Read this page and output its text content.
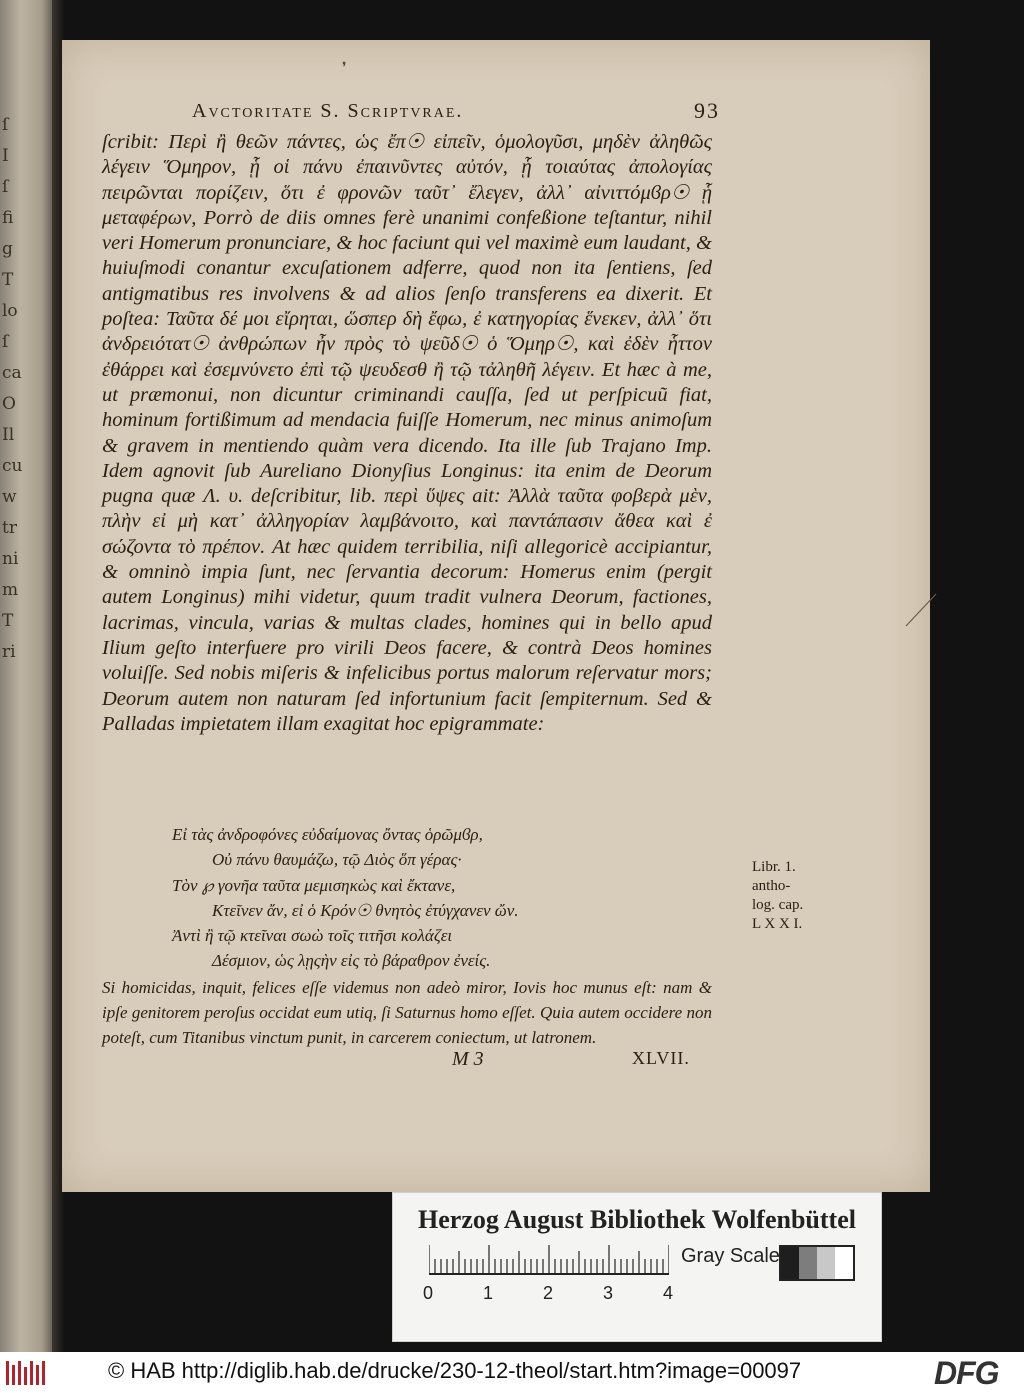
ſ
I
ſ
fi
g
T
lo
ſ
ca
O
Il
cu
w
tr
ni
m
T
ri
❜
Avctoritate S. Scriptvrae.	93
ſcribit: Περὶ ἢ θεῶν πάντες, ὡς ἔπ☉ εἰπεῖν, ὁμολογῦσι, μηδὲν ἀληθῶς λέγειν Ὅμηρον, ᾗ οἱ πάνυ ἐπαινῦντες αὐτόν, ᾗ τοιαύτας ἀπολογίας πειρῶνται πορίζειν, ὅτι ἐ φρονῶν ταῦτ᾽ ἔλεγεν, ἀλλ᾽ αἰνιττόμϐρ☉ ᾗ μεταφέρων, Porrò de diis omnes ferè unanimi confeßione teſtantur, nihil veri Homerum pronunciare, & hoc faciunt qui vel maximè eum laudant, & huiuſmodi conantur excuſationem adferre, quod non ita ſentiens, ſed antigmatibus res involvens & ad alios ſenſo transferens ea dixerit. Et poſtea: Ταῦτα δέ μοι εἴρηται, ὥσπερ δὴ ἔφω, ἐ κατηγορίας ἕνεκεν, ἀλλ᾽ ὅτι ἀνδρειότατ☉ ἀνθρώπων ἦν πρὸς τὸ ψεῦδ☉ ὁ Ὅμηρ☉, καὶ ἐδὲν ἧττον ἐθάρρει καὶ ἐσεμνύνετο ἐπὶ τῷ ψευδεσθ ἢ τῷ τἀληθῆ λέγειν. Et hæc à me, ut præmonui, non dicuntur criminandi cauſſa, ſed ut perſpicuũ fiat, hominum fortißimum ad mendacia fuiſſe Homerum, nec minus animoſum & gravem in mentiendo quàm vera dicendo. Ita ille ſub Trajano Imp. Idem agnovit ſub Aureliano Dionyſius Longinus: ita enim de Deorum pugna quæ Λ. υ. deſcribitur, lib. περὶ ὕψες ait: Ἀλλὰ ταῦτα φοβερὰ μὲν, πλὴν εἰ μὴ κατ᾽ ἀλληγορίαν λαμβάνοιτο, καὶ παντάπασιν ἄθεα καὶ ἐ σώζοντα τὸ πρέπον. At hæc quidem terribilia, niſi allegoricè accipiantur, & omninò impia ſunt, nec ſervantia decorum: Homerus enim (pergit autem Longinus) mihi videtur, quum tradit vulnera Deorum, factiones, lacrimas, vincula, varias & multas clades, homines qui in bello apud Ilium geſto interfuere pro virili Deos facere, & contrà Deos homines voluiſſe. Sed nobis miſeris & infelicibus portus malorum reſervatur mors; Deorum autem non naturam ſed infortunium facit ſempiternum. Sed & Palladas impietatem illam exagitat hoc epigrammate:
Εἰ τὰς ἀνδροφόνες εὐδαίμονας ὄντας ὁρῶμϐρ,
Οὐ πάνυ θαυμάζω, τῷ Διὸς ὅπ γέρας·
Τὸν ℘ γονῆα ταῦτα μεμισηκὼς καὶ ἔκτανε,
Κτεῖνεν ἄν, εἰ ὁ Κρόν☉ θνητὸς ἐτύγχανεν ὤν.
Ἀντὶ ἢ τῷ κτεῖναι σωὼ τοῖς τιτῆσι κολάζει
Δέσμιον, ὡς λῃςὴν εἰς τὸ βάραθρον ἐνείς.
Si homicidas, inquit, felices eſſe videmus non adeò miror, Iovis hoc munus eſt: nam & ipſe genitorem peroſus occidat eum utiq, ſi Saturnus homo eſſet. Quia autem occidere non poteſt, cum Titanibus vinctum punit, in carcerem coniectum, ut latronem.
M 3	XLVII.
Libr. 1.
antho-
log. cap.
L X X I.
Herzog August Bibliothek Wolfenbüttel
0	1	2	3	4
Gray Scale
© HAB http://diglib.hab.de/drucke/230-12-theol/start.htm?image=00097	DFG
